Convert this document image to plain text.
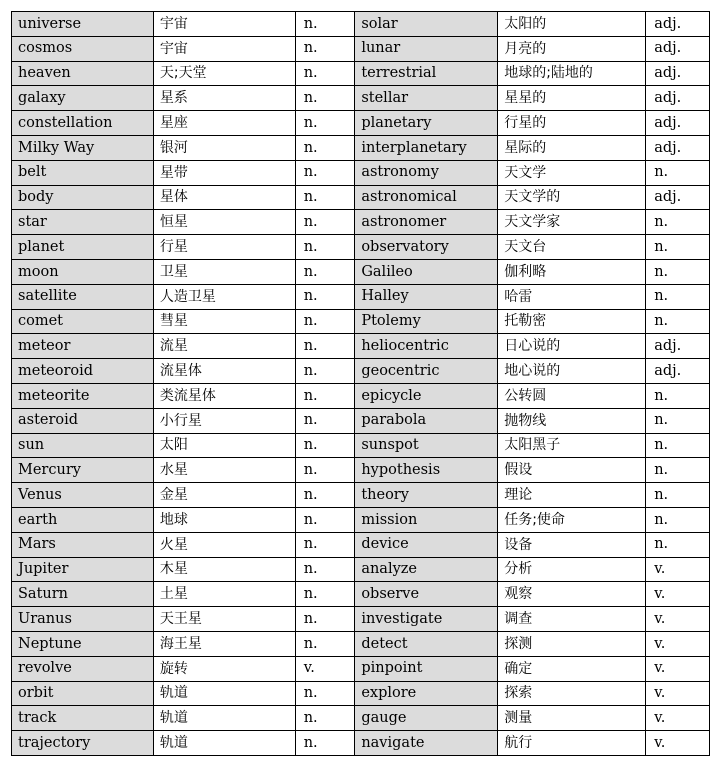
universe	宇宙	n.	solar	太阳的	adj.
cosmos	宇宙	n.	lunar	月亮的	adj.
heaven	天;天堂	n.	terrestrial	地球的;陆地的	adj.
galaxy	星系	n.	stellar	星星的	adj.
constellation	星座	n.	planetary	行星的	adj.
Milky Way	银河	n.	interplanetary	星际的	adj.
belt	星带	n.	astronomy	天文学	n.
body	星体	n.	astronomical	天文学的	adj.
star	恒星	n.	astronomer	天文学家	n.
planet	行星	n.	observatory	天文台	n.
moon	卫星	n.	Galileo	伽利略	n.
satellite	人造卫星	n.	Halley	哈雷	n.
comet	彗星	n.	Ptolemy	托勒密	n.
meteor	流星	n.	heliocentric	日心说的	adj.
meteoroid	流星体	n.	geocentric	地心说的	adj.
meteorite	类流星体	n.	epicycle	公转圆	n.
asteroid	小行星	n.	parabola	抛物线	n.
sun	太阳	n.	sunspot	太阳黑子	n.
Mercury	水星	n.	hypothesis	假设	n.
Venus	金星	n.	theory	理论	n.
earth	地球	n.	mission	任务;使命	n.
Mars	火星	n.	device	设备	n.
Jupiter	木星	n.	analyze	分析	v.
Saturn	土星	n.	observe	观察	v.
Uranus	天王星	n.	investigate	调查	v.
Neptune	海王星	n.	detect	探测	v.
revolve	旋转	v.	pinpoint	确定	v.
orbit	轨道	n.	explore	探索	v.
track	轨道	n.	gauge	测量	v.
trajectory	轨道	n.	navigate	航行	v.
